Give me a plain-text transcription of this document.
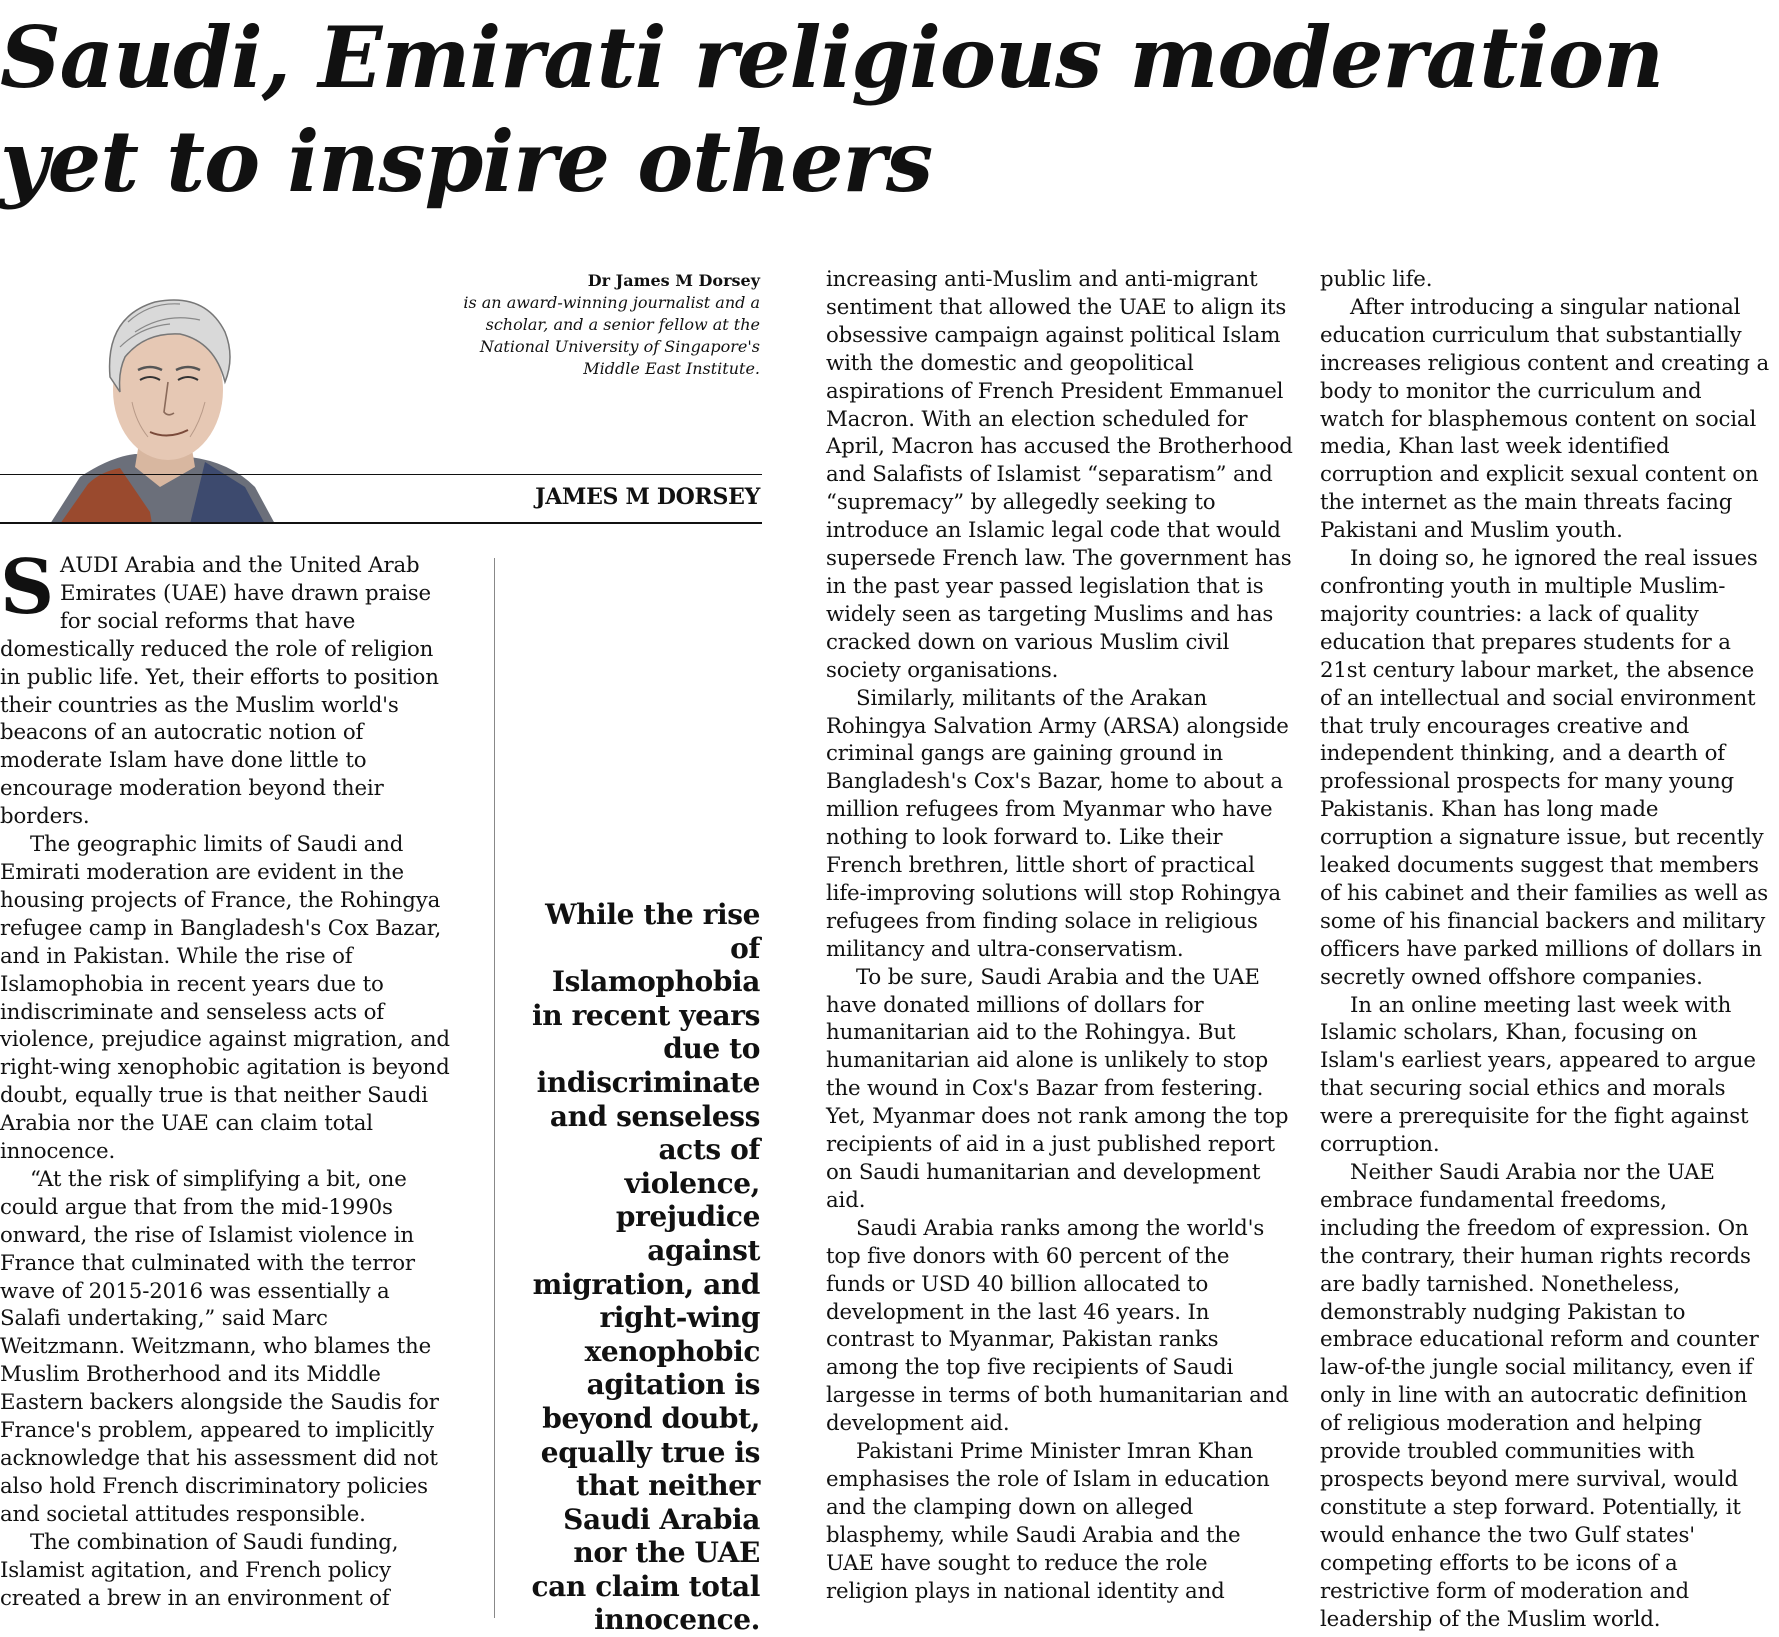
Saudi, Emirati religious moderation yet to inspire others
Dr James M Dorsey
is an award-winning journalist and a scholar, and a senior fellow at the National University of Singapore's Middle East Institute.
JAMES M DORSEY

SAUDI Arabia and the United Arab Emirates (UAE) have drawn praise for social reforms that have domestically reduced the role of religion in public life. Yet, their efforts to position their countries as the Muslim world's beacons of an autocratic notion of moderate Islam have done little to encourage moderation beyond their borders.

The geographic limits of Saudi and Emirati moderation are evident in the housing projects of France, the Rohingya refugee camp in Bangladesh's Cox Bazar, and in Pakistan. While the rise of Islamophobia in recent years due to indiscriminate and senseless acts of violence, prejudice against migration, and right-wing xenophobic agitation is beyond doubt, equally true is that neither Saudi Arabia nor the UAE can claim total innocence.

“At the risk of simplifying a bit, one could argue that from the mid-1990s onward, the rise of Islamist violence in France that culminated with the terror wave of 2015-2016 was essentially a Salafi undertaking,” said Marc Weitzmann. Weitzmann, who blames the Muslim Brotherhood and its Middle Eastern backers alongside the Saudis for France's problem, appeared to implicitly acknowledge that his assessment did not also hold French discriminatory policies and societal attitudes responsible.

The combination of Saudi funding, Islamist agitation, and French policy created a brew in an environment of

While the rise of Islamophobia in recent years due to indiscriminate and senseless acts of violence, prejudice against migration, and right-wing xenophobic agitation is beyond doubt, equally true is that neither Saudi Arabia nor the UAE can claim total innocence.

increasing anti-Muslim and anti-migrant sentiment that allowed the UAE to align its obsessive campaign against political Islam with the domestic and geopolitical aspirations of French President Emmanuel Macron. With an election scheduled for April, Macron has accused the Brotherhood and Salafists of Islamist “separatism” and “supremacy” by allegedly seeking to introduce an Islamic legal code that would supersede French law. The government has in the past year passed legislation that is widely seen as targeting Muslims and has cracked down on various Muslim civil society organisations.

Similarly, militants of the Arakan Rohingya Salvation Army (ARSA) alongside criminal gangs are gaining ground in Bangladesh's Cox's Bazar, home to about a million refugees from Myanmar who have nothing to look forward to. Like their French brethren, little short of practical life-improving solutions will stop Rohingya refugees from finding solace in religious militancy and ultra-conservatism.

To be sure, Saudi Arabia and the UAE have donated millions of dollars for humanitarian aid to the Rohingya. But humanitarian aid alone is unlikely to stop the wound in Cox's Bazar from festering. Yet, Myanmar does not rank among the top recipients of aid in a just published report on Saudi humanitarian and development aid.

Saudi Arabia ranks among the world's top five donors with 60 percent of the funds or USD 40 billion allocated to development in the last 46 years. In contrast to Myanmar, Pakistan ranks among the top five recipients of Saudi largesse in terms of both humanitarian and development aid.

Pakistani Prime Minister Imran Khan emphasises the role of Islam in education and the clamping down on alleged blasphemy, while Saudi Arabia and the UAE have sought to reduce the role religion plays in national identity and

public life.

After introducing a singular national education curriculum that substantially increases religious content and creating a body to monitor the curriculum and watch for blasphemous content on social media, Khan last week identified corruption and explicit sexual content on the internet as the main threats facing Pakistani and Muslim youth.

In doing so, he ignored the real issues confronting youth in multiple Muslim-majority countries: a lack of quality education that prepares students for a 21st century labour market, the absence of an intellectual and social environment that truly encourages creative and independent thinking, and a dearth of professional prospects for many young Pakistanis. Khan has long made corruption a signature issue, but recently leaked documents suggest that members of his cabinet and their families as well as some of his financial backers and military officers have parked millions of dollars in secretly owned offshore companies.

In an online meeting last week with Islamic scholars, Khan, focusing on Islam's earliest years, appeared to argue that securing social ethics and morals were a prerequisite for the fight against corruption.

Neither Saudi Arabia nor the UAE embrace fundamental freedoms, including the freedom of expression. On the contrary, their human rights records are badly tarnished. Nonetheless, demonstrably nudging Pakistan to embrace educational reform and counter law-of-the jungle social militancy, even if only in line with an autocratic definition of religious moderation and helping provide troubled communities with prospects beyond mere survival, would constitute a step forward. Potentially, it would enhance the two Gulf states' competing efforts to be icons of a restrictive form of moderation and leadership of the Muslim world.
